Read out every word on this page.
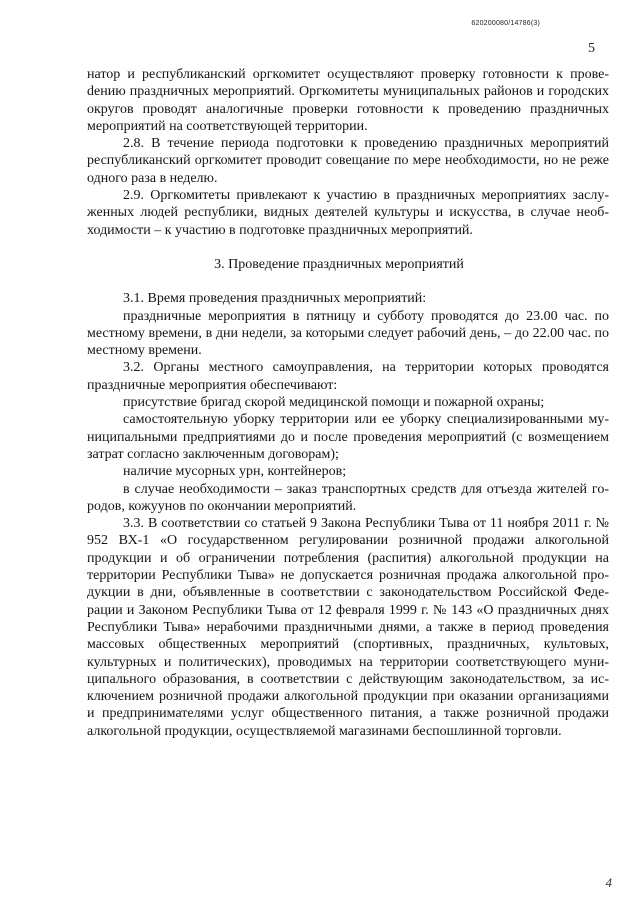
620200080/14786(3)
5

натор и республиканский оргкомитет осуществляют проверку готовности к провеdению праздничных мероприятий. Оргкомитеты муниципальных районов и городских округов проводят аналогичные проверки готовности к проведению праздничных мероприятий на соответствующей территории.

2.8. В течение периода подготовки к проведению праздничных мероприятий республиканский оргкомитет проводит совещание по мере необходимости, но не реже одного раза в неделю.

2.9. Оргкомитеты привлекают к участию в праздничных мероприятиях заслуженных людей республики, видных деятелей культуры и искусства, в случае необходимости – к участию в подготовке праздничных мероприятий.

3. Проведение праздничных мероприятий

3.1. Время проведения праздничных мероприятий:

праздничные мероприятия в пятницу и субботу проводятся до 23.00 час. по местному времени, в дни недели, за которыми следует рабочий день, – до 22.00 час. по местному времени.

3.2. Органы местного самоуправления, на территории которых проводятся праздничные мероприятия обеспечивают:

присутствие бригад скорой медицинской помощи и пожарной охраны;

самостоятельную уборку территории или ее уборку специализированными муниципальными предприятиями до и после проведения мероприятий (с возмещением затрат согласно заключенным договорам);

наличие мусорных урн, контейнеров;

в случае необходимости – заказ транспортных средств для отъезда жителей городов, кожуунов по окончании мероприятий.

3.3. В соответствии со статьей 9 Закона Республики Тыва от 11 ноября 2011 г. № 952 ВХ-1 «О государственном регулировании розничной продажи алкогольной продукции и об ограничении потребления (распития) алкогольной продукции на территории Республики Тыва» не допускается розничная продажа алкогольной продукции в дни, объявленные в соответствии с законодательством Российской Федерации и Законом Республики Тыва от 12 февраля 1999 г. № 143 «О праздничных днях Республики Тыва» нерабочими праздничными днями, а также в период проведения массовых общественных мероприятий (спортивных, праздничных, культовых, культурных и политических), проводимых на территории соответствующего муниципального образования, в соответствии с действующим законодательством, за исключением розничной продажи алкогольной продукции при оказании организациями и предпринимателями услуг общественного питания, а также розничной продажи алкогольной продукции, осуществляемой магазинами беспошлинной торговли.

4
